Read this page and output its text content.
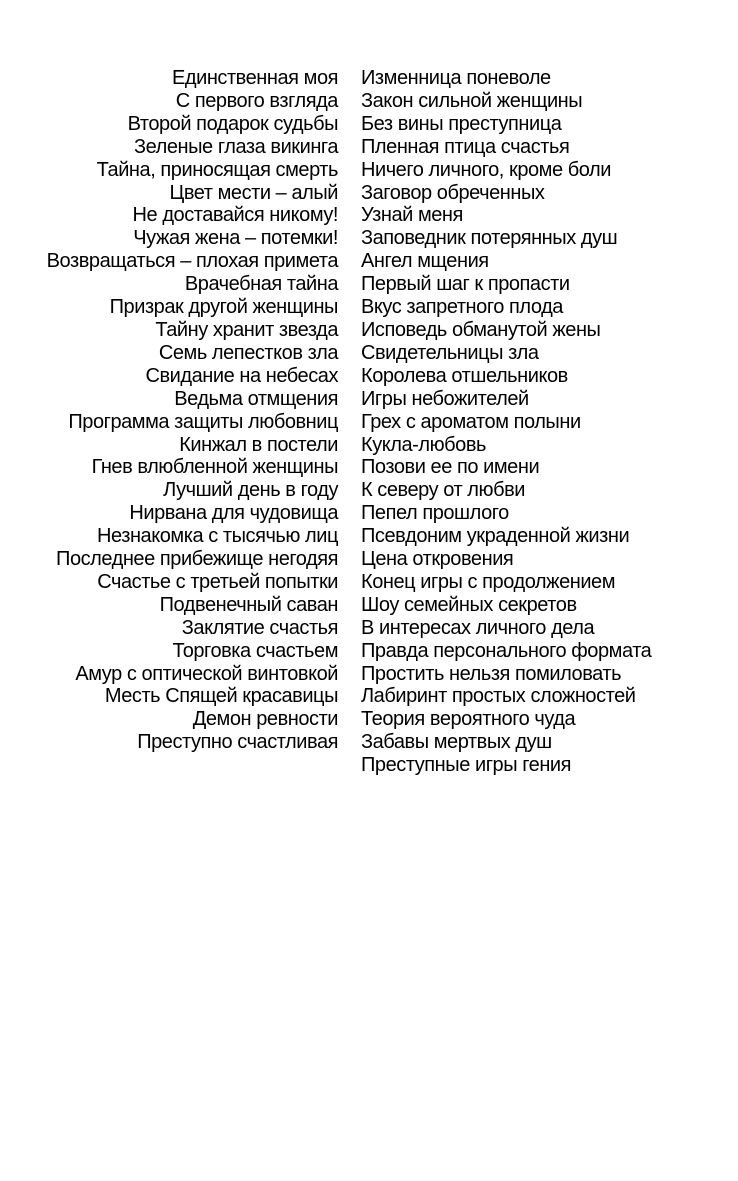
Единственная моя Изменница поневоле
С первого взгляда Закон сильной женщины
Второй подарок судьбы Без вины преступница
Зеленые глаза викинга Пленная птица счастья
Тайна, приносящая смерть Ничего личного, кроме боли
Цвет мести – алый Заговор обреченных
Не доставайся никому! Узнай меня
Чужая жена – потемки! Заповедник потерянных душ
Возвращаться – плохая примета Ангел мщения
Врачебная тайна Первый шаг к пропасти
Призрак другой женщины Вкус запретного плода
Тайну хранит звезда Исповедь обманутой жены
Семь лепестков зла Свидетельницы зла
Свидание на небесах Королева отшельников
Ведьма отмщения Игры небожителей
Программа защиты любовниц Грех с ароматом полыни
Кинжал в постели Кукла-любовь
Гнев влюбленной женщины Позови ее по имени
Лучший день в году К северу от любви
Нирвана для чудовища Пепел прошлого
Незнакомка с тысячью лиц Псевдоним украденной жизни
Последнее прибежище негодяя Цена откровения
Счастье с третьей попытки Конец игры с продолжением
Подвенечный саван Шоу семейных секретов
Заклятие счастья В интересах личного дела
Торговка счастьем Правда персонального формата
Амур с оптической винтовкой Простить нельзя помиловать
Месть Спящей красавицы Лабиринт простых сложностей
Демон ревности Теория вероятного чуда
Преступно счастливая Забавы мертвых душ
Преступные игры гения
